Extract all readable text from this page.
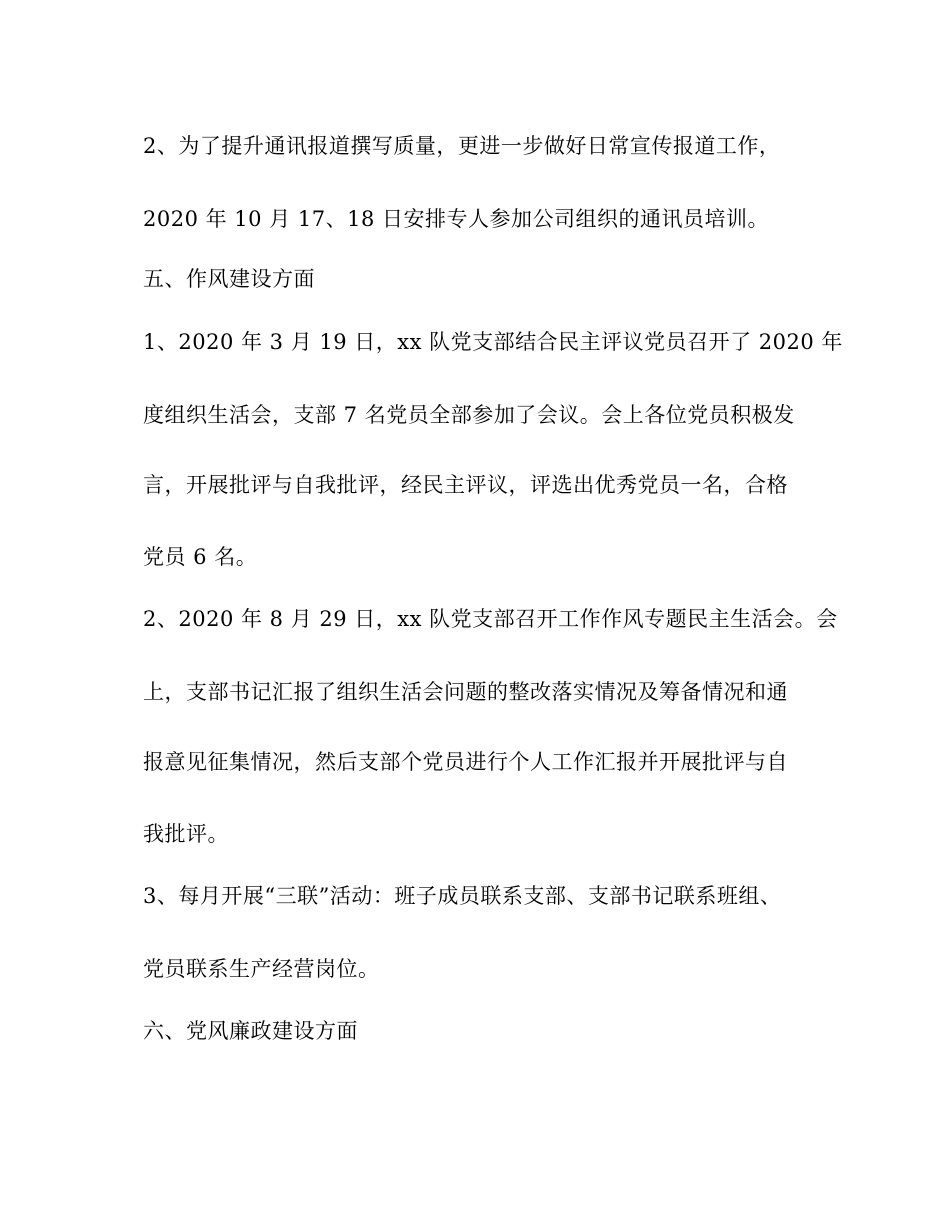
2、为了提升通讯报道撰写质量，更进一步做好日常宣传报道工作，
2020 年 10 月 17、18 日安排专人参加公司组织的通讯员培训。
五、作风建设方面
1、2020 年 3 月 19 日，xx 队党支部结合民主评议党员召开了 2020 年
度组织生活会，支部 7 名党员全部参加了会议。会上各位党员积极发
言，开展批评与自我批评，经民主评议，评选出优秀党员一名，合格
党员 6 名。
2、2020 年 8 月 29 日，xx 队党支部召开工作作风专题民主生活会。会
上，支部书记汇报了组织生活会问题的整改落实情况及筹备情况和通
报意见征集情况，然后支部个党员进行个人工作汇报并开展批评与自
我批评。
3、每月开展“三联”活动：班子成员联系支部、支部书记联系班组、
党员联系生产经营岗位。
六、党风廉政建设方面
